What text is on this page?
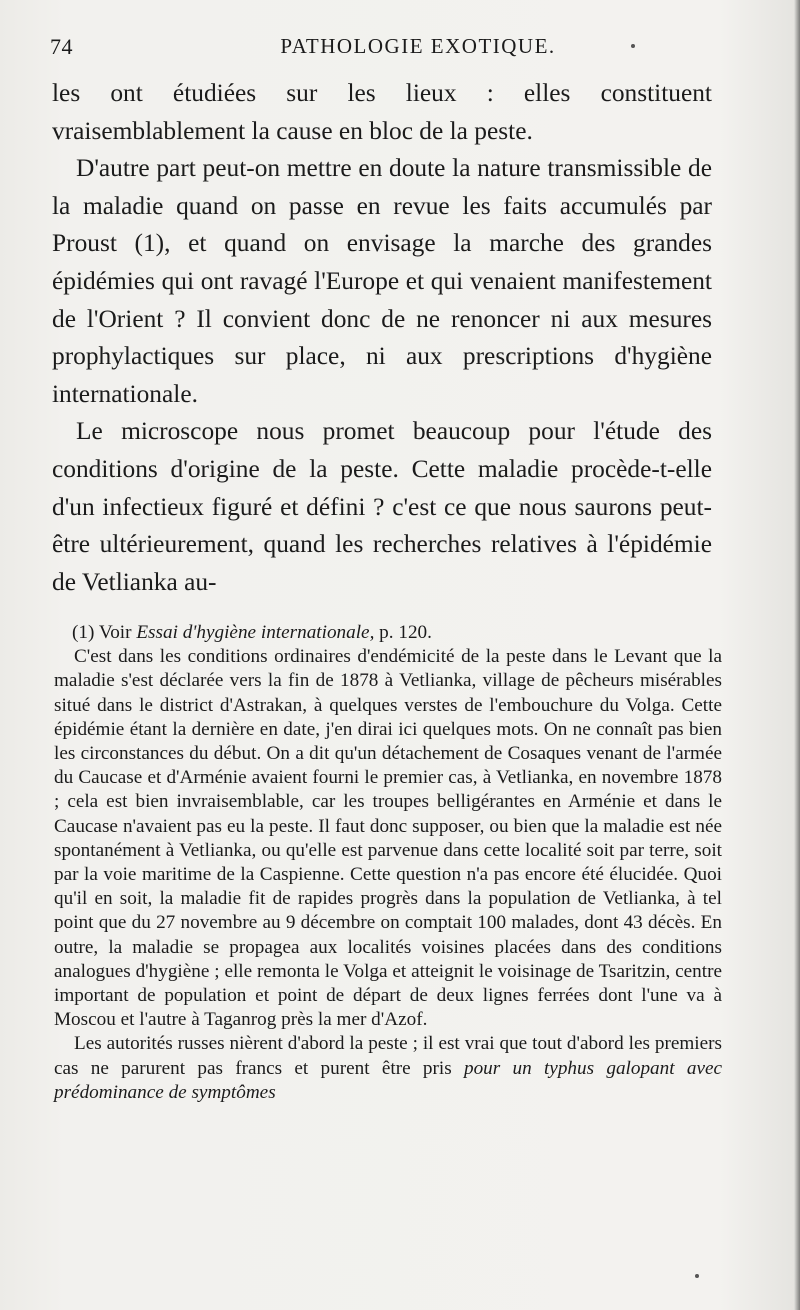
74	PATHOLOGIE EXOTIQUE.

les ont étudiées sur les lieux : elles constituent vraisemblablement la cause en bloc de la peste.

D'autre part peut-on mettre en doute la nature transmissible de la maladie quand on passe en revue les faits accumulés par Proust (1), et quand on envisage la marche des grandes épidémies qui ont ravagé l'Europe et qui venaient manifestement de l'Orient ? Il convient donc de ne renoncer ni aux mesures prophylactiques sur place, ni aux prescriptions d'hygiène internationale.

Le microscope nous promet beaucoup pour l'étude des conditions d'origine de la peste. Cette maladie procède-t-elle d'un infectieux figuré et défini ? c'est ce que nous saurons peut-être ultérieurement, quand les recherches relatives à l'épidémie de Vetlianka au-

(1) Voir Essai d'hygiène internationale, p. 120.

C'est dans les conditions ordinaires d'endémicité de la peste dans le Levant que la maladie s'est déclarée vers la fin de 1878 à Vetlianka, village de pêcheurs misérables situé dans le district d'Astrakan, à quelques verstes de l'embouchure du Volga. Cette épidémie étant la dernière en date, j'en dirai ici quelques mots. On ne connaît pas bien les circonstances du début. On a dit qu'un détachement de Cosaques venant de l'armée du Caucase et d'Arménie avaient fourni le premier cas, à Vetlianka, en novembre 1878 ; cela est bien invraisemblable, car les troupes belligérantes en Arménie et dans le Caucase n'avaient pas eu la peste. Il faut donc supposer, ou bien que la maladie est née spontanément à Vetlianka, ou qu'elle est parvenue dans cette localité soit par terre, soit par la voie maritime de la Caspienne. Cette question n'a pas encore été élucidée. Quoi qu'il en soit, la maladie fit de rapides progrès dans la population de Vetlianka, à tel point que du 27 novembre au 9 décembre on comptait 100 malades, dont 43 décès. En outre, la maladie se propagea aux localités voisines placées dans des conditions analogues d'hygiène ; elle remonta le Volga et atteignit le voisinage de Tsaritzin, centre important de population et point de départ de deux lignes ferrées dont l'une va à Moscou et l'autre à Taganrog près la mer d'Azof.

Les autorités russes nièrent d'abord la peste ; il est vrai que tout d'abord les premiers cas ne parurent pas francs et purent être pris pour un typhus galopant avec prédominance de symptômes
